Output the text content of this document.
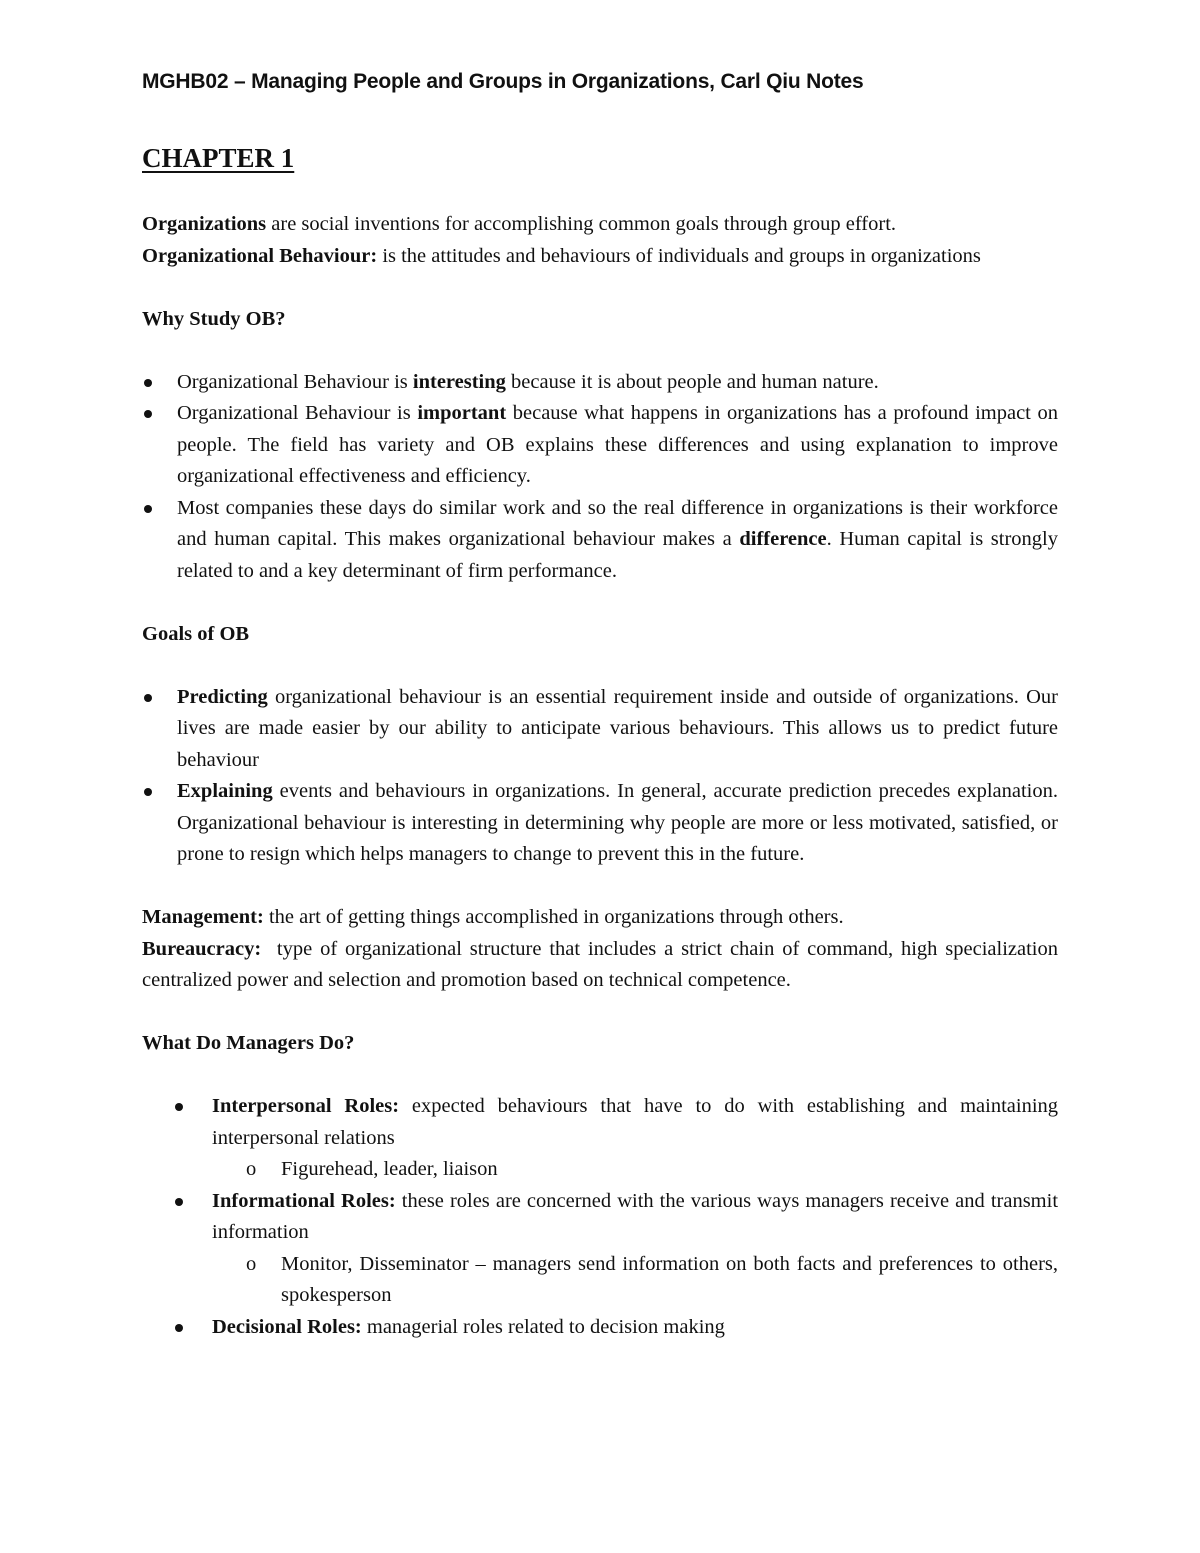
MGHB02 – Managing People and Groups in Organizations, Carl Qiu Notes
CHAPTER 1
Organizations are social inventions for accomplishing common goals through group effort.
Organizational Behaviour: is the attitudes and behaviours of individuals and groups in organizations
Why Study OB?
Organizational Behaviour is interesting because it is about people and human nature.
Organizational Behaviour is important because what happens in organizations has a profound impact on people. The field has variety and OB explains these differences and using explanation to improve organizational effectiveness and efficiency.
Most companies these days do similar work and so the real difference in organizations is their workforce and human capital. This makes organizational behaviour makes a difference. Human capital is strongly related to and a key determinant of firm performance.
Goals of OB
Predicting organizational behaviour is an essential requirement inside and outside of organizations. Our lives are made easier by our ability to anticipate various behaviours. This allows us to predict future behaviour
Explaining events and behaviours in organizations. In general, accurate prediction precedes explanation. Organizational behaviour is interesting in determining why people are more or less motivated, satisfied, or prone to resign which helps managers to change to prevent this in the future.
Management: the art of getting things accomplished in organizations through others.
Bureaucracy:  type of organizational structure that includes a strict chain of command, high specialization centralized power and selection and promotion based on technical competence.
What Do Managers Do?
Interpersonal Roles: expected behaviours that have to do with establishing and maintaining interpersonal relations
o Figurehead, leader, liaison
Informational Roles: these roles are concerned with the various ways managers receive and transmit information
o Monitor, Disseminator – managers send information on both facts and preferences to others, spokesperson
Decisional Roles: managerial roles related to decision making
